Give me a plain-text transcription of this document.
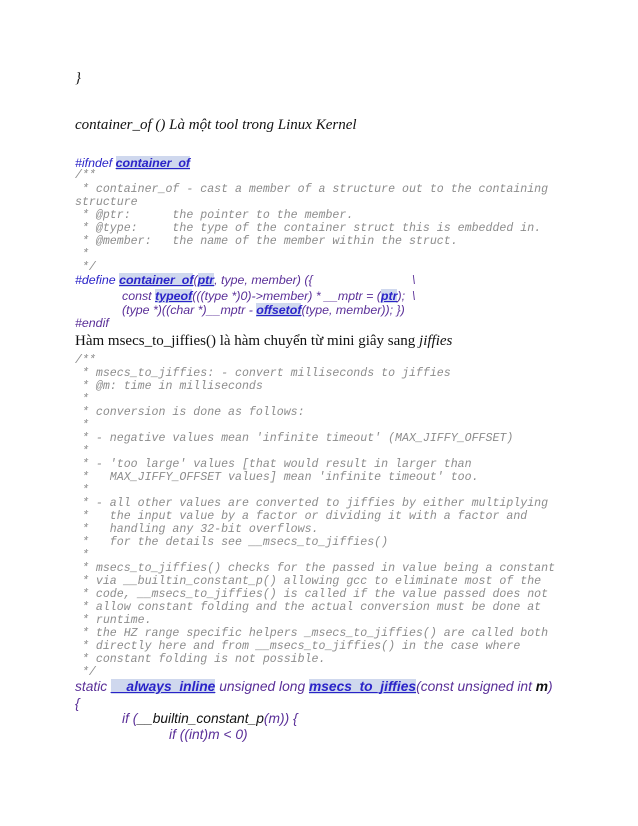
}
container_of () Là một tool trong Linux Kernel
#ifndef container_of
/**
* container_of - cast a member of a structure out to the containing
structure
* @ptr:      the pointer to the member.
* @type:     the type of the container struct this is embedded in.
* @member:   the name of the member within the struct.
*
*/
#define container_of(ptr, type, member) ({	\
const typeof(((type *)0)->member) * __mptr = (ptr); \
(type *)((char *)__mptr - offsetof(type, member)); })
#endif
Hàm msecs_to_jiffies() là hàm chuyển từ mini giây sang jiffies
/**
* msecs_to_jiffies: - convert milliseconds to jiffies
* @m: time in milliseconds
*
* conversion is done as follows:
*
* - negative values mean 'infinite timeout' (MAX_JIFFY_OFFSET)
*
* - 'too large' values [that would result in larger than
*   MAX_JIFFY_OFFSET values] mean 'infinite timeout' too.
*
* - all other values are converted to jiffies by either multiplying
*   the input value by a factor or dividing it with a factor and
*   handling any 32-bit overflows.
*   for the details see __msecs_to_jiffies()
*
* msecs_to_jiffies() checks for the passed in value being a constant
* via __builtin_constant_p() allowing gcc to eliminate most of the
* code, __msecs_to_jiffies() is called if the value passed does not
* allow constant folding and the actual conversion must be done at
* runtime.
* the HZ range specific helpers _msecs_to_jiffies() are called both
* directly here and from __msecs_to_jiffies() in the case where
* constant folding is not possible.
*/
static __always_inline unsigned long msecs_to_jiffies(const unsigned int m)
{
if (__builtin_constant_p(m)) {
if ((int)m < 0)
